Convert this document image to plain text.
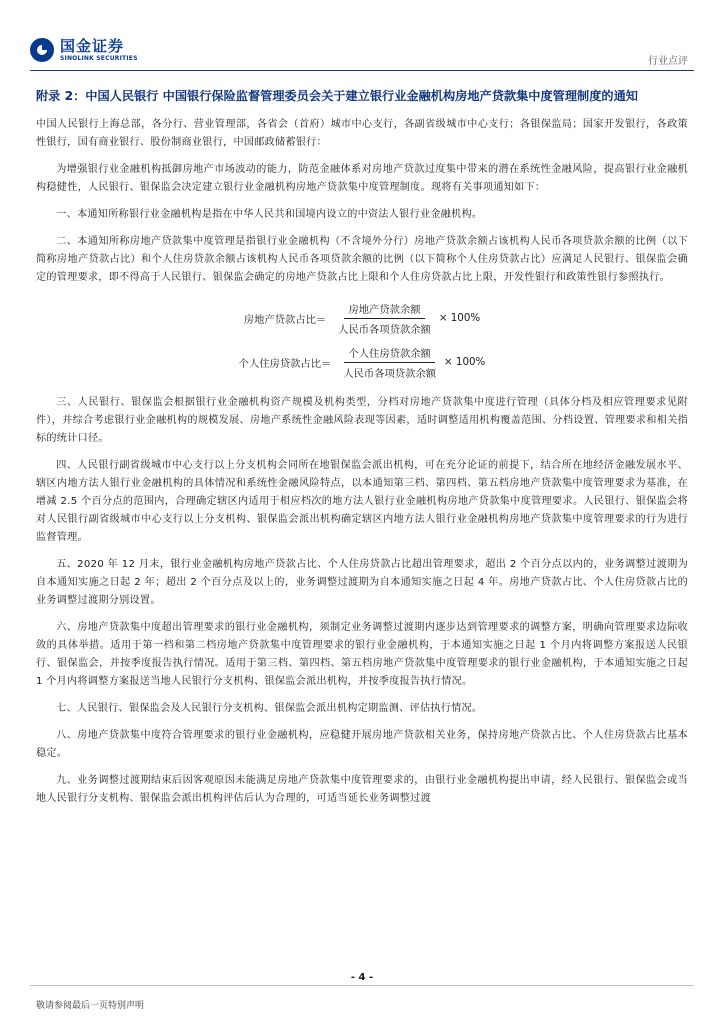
国金证券
SINOLINK SECURITIES	行业点评
附录 2：中国人民银行 中国银行保险监督管理委员会关于建立银行业金融机构房地产贷款集中度管理制度的通知

中国人民银行上海总部，各分行、营业管理部，各省会（首府）城市中心支行，各副省级城市中心支行；各银保监局；国家开发银行，各政策性银行，国有商业银行、股份制商业银行，中国邮政储蓄银行：

为增强银行业金融机构抵御房地产市场波动的能力，防范金融体系对房地产贷款过度集中带来的潜在系统性金融风险，提高银行业金融机构稳健性，人民银行、银保监会决定建立银行业金融机构房地产贷款集中度管理制度。现将有关事项通知如下：

一、本通知所称银行业金融机构是指在中华人民共和国境内设立的中资法人银行业金融机构。

二、本通知所称房地产贷款集中度管理是指银行业金融机构（不含境外分行）房地产贷款余额占该机构人民币各项贷款余额的比例（以下简称房地产贷款占比）和个人住房贷款余额占该机构人民币各项贷款余额的比例（以下简称个人住房贷款占比）应满足人民银行、银保监会确定的管理要求，即不得高于人民银行、银保监会确定的房地产贷款占比上限和个人住房贷款占比上限，开发性银行和政策性银行参照执行。

房地产贷款占比＝ $\frac{\text{房地产贷款余额}}{\text{人民币各项贷款余额}} \times 100\%$
个人住房贷款占比＝ $\frac{\text{个人住房贷款余额}}{\text{人民币各项贷款余额}} \times 100\%$

三、人民银行、银保监会根据银行业金融机构资产规模及机构类型，分档对房地产贷款集中度进行管理（具体分档及相应管理要求见附件），并综合考虑银行业金融机构的规模发展、房地产系统性金融风险表现等因素，适时调整适用机构覆盖范围、分档设置、管理要求和相关指标的统计口径。

四、人民银行副省级城市中心支行以上分支机构会同所在地银保监会派出机构，可在充分论证的前提下，结合所在地经济金融发展水平、辖区内地方法人银行业金融机构的具体情况和系统性金融风险特点，以本通知第三档、第四档、第五档房地产贷款集中度管理要求为基准，在增减 2.5 个百分点的范围内，合理确定辖区内适用于相应档次的地方法人银行业金融机构房地产贷款集中度管理要求。人民银行、银保监会将对人民银行副省级城市中心支行以上分支机构、银保监会派出机构确定辖区内地方法人银行业金融机构房地产贷款集中度管理要求的行为进行监督管理。

五、2020 年 12 月末，银行业金融机构房地产贷款占比、个人住房贷款占比超出管理要求，超出 2 个百分点以内的，业务调整过渡期为自本通知实施之日起 2 年；超出 2 个百分点及以上的，业务调整过渡期为自本通知实施之日起 4 年。房地产贷款占比、个人住房贷款占比的业务调整过渡期分别设置。

六、房地产贷款集中度超出管理要求的银行业金融机构，须制定业务调整过渡期内逐步达到管理要求的调整方案，明确向管理要求边际收敛的具体举措。适用于第一档和第二档房地产贷款集中度管理要求的银行业金融机构，于本通知实施之日起 1 个月内将调整方案报送人民银行、银保监会，并按季度报告执行情况。适用于第三档、第四档、第五档房地产贷款集中度管理要求的银行业金融机构，于本通知实施之日起 1 个月内将调整方案报送当地人民银行分支机构、银保监会派出机构，并按季度报告执行情况。

七、人民银行、银保监会及人民银行分支机构、银保监会派出机构定期监测、评估执行情况。

八、房地产贷款集中度符合管理要求的银行业金融机构，应稳健开展房地产贷款相关业务，保持房地产贷款占比、个人住房贷款占比基本稳定。

九、业务调整过渡期结束后因客观原因未能满足房地产贷款集中度管理要求的，由银行业金融机构提出申请，经人民银行、银保监会或当地人民银行分支机构、银保监会派出机构评估后认为合理的，可适当延长业务调整过渡

- 4 -
敬请参阅最后一页特别声明
